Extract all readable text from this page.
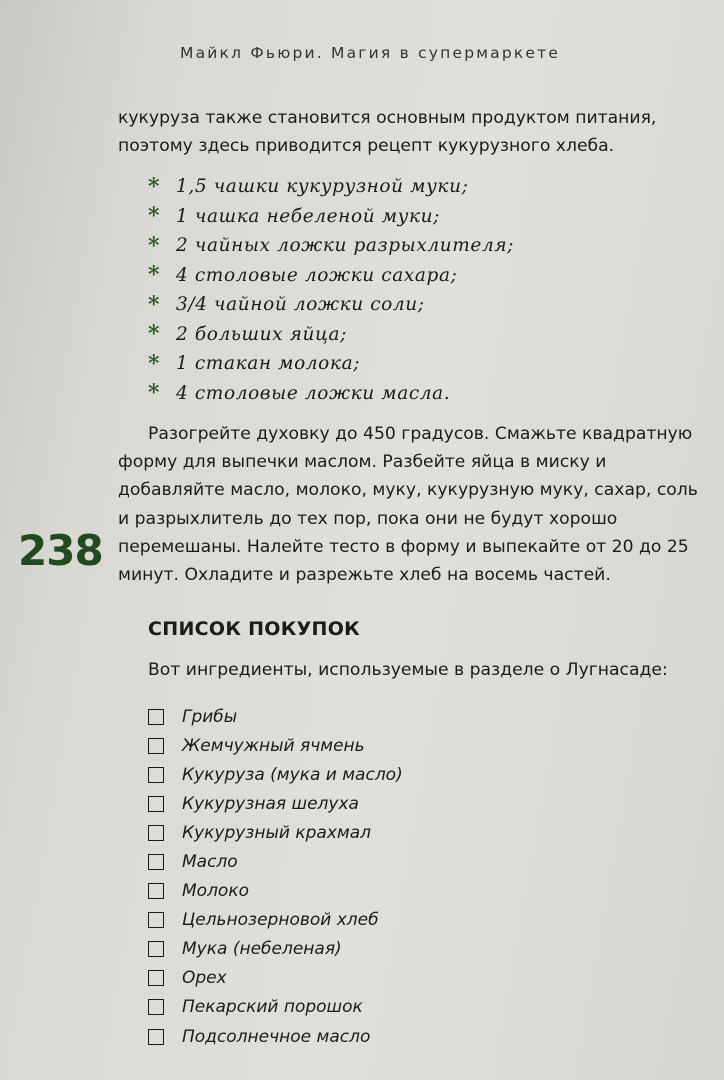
Майкл Фьюри. Магия в супермаркете
кукуруза также становится основным продуктом питания, поэтому здесь приводится рецепт кукурузного хлеба.
* 1,5 чашки кукурузной муки;
* 1 чашка небеленой муки;
* 2 чайных ложки разрыхлителя;
* 4 столовые ложки сахара;
* 3/4 чайной ложки соли;
* 2 больших яйца;
* 1 стакан молока;
* 4 столовые ложки масла.
Разогрейте духовку до 450 градусов. Смажьте квадратную форму для выпечки маслом. Разбейте яйца в миску и добавляйте масло, молоко, муку, кукурузную муку, сахар, соль и разрыхлитель до тех пор, пока они не будут хорошо перемешаны. Налейте тесто в форму и выпекайте от 20 до 25 минут. Охладите и разрежьте хлеб на восемь частей.
238
СПИСОК ПОКУПОК
Вот ингредиенты, используемые в разделе о Лугнасаде:
Грибы
Жемчужный ячмень
Кукуруза (мука и масло)
Кукурузная шелуха
Кукурузный крахмал
Масло
Молоко
Цельнозерновой хлеб
Мука (небеленая)
Орех
Пекарский порошок
Подсолнечное масло
